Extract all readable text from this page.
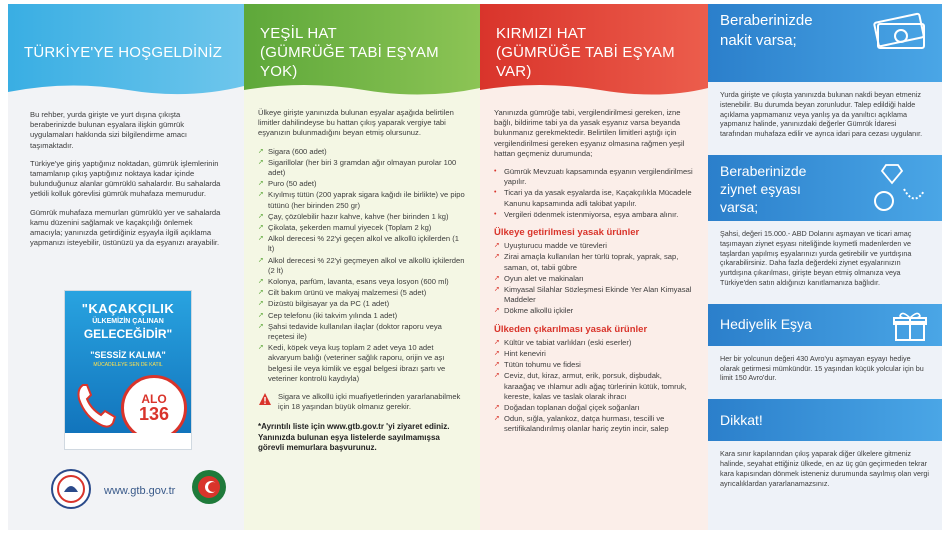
TÜRKİYE'YE HOŞGELDİNİZ

Bu rehber, yurda girişte ve yurt dışına çıkışta beraberinizde bulunan eşyalara ilişkin gümrük uygulamaları hakkında sizi bilgilendirme amacı taşımaktadır.

Türkiye'ye giriş yaptığınız noktadan, gümrük işlemlerinin tamamlanıp çıkış yaptığınız noktaya kadar içinde bulunduğunuz alanlar gümrüklü sahalardır. Bu sahalarda yetkili kolluk görevlisi gümrük muhafaza memurudur.

Gümrük muhafaza memurları gümrüklü yer ve sahalarda kamu düzenini sağlamak ve kaçakçılığı önlemek amacıyla; yanınızda getirdiğiniz eşyayla ilgili açıklama yapmanızı isteyebilir, üstünüzü ya da eşyanızı arayabilir.

"KAÇAKÇILIK
ÜLKEMİZİN ÇALINAN
GELECEĞİDİR"
"SESSİZ KALMA"
MÜCADELEYE SEN DE KATIL
ALO
136
www.gtb.gov.tr
YEŞİL HAT
(GÜMRÜĞE TABİ EŞYAM YOK)

Ülkeye girişte yanınızda bulunan eşyalar aşağıda belirtilen limitler dahilindeyse bu hattan çıkış yaparak vergiye tabi eşyanızın bulunmadığını beyan etmiş olursunuz.

➚ Sigara (600 adet)
➚ Sigarillolar (her biri 3 gramdan ağır olmayan purolar 100 adet)
➚ Puro (50 adet)
➚ Kıyılmış tütün (200 yaprak sigara kağıdı ile birlikte) ve pipo tütünü (her birinden 250 gr)
➚ Çay, çözülebilir hazır kahve, kahve (her birinden 1 kg)
➚ Çikolata, şekerden mamul yiyecek (Toplam 2 kg)
➚ Alkol derecesi % 22'yi geçen alkol ve alkollü içkilerden (1 lt)
➚ Alkol derecesi % 22'yi geçmeyen alkol ve alkollü içkilerden (2 lt)
➚ Kolonya, parfüm, lavanta, esans veya losyon (600 ml)
➚ Cilt bakım ürünü ve makyaj malzemesi (5 adet)
➚ Dizüstü bilgisayar ya da PC (1 adet)
➚ Cep telefonu (iki takvim yılında 1 adet)
➚ Şahsi tedavide kullanılan ilaçlar (doktor raporu veya reçetesi ile)
➚ Kedi, köpek veya kuş toplam 2 adet veya 10 adet akvaryum balığı (veteriner sağlık raporu, orijin ve aşı belgesi ile veya kimlik ve eşgal belgesi ibrazı şartı ve veteriner kontrolü kaydıyla)
Sigara ve alkollü içki muafiyetlerinden yararlanabilmek için 18 yaşından büyük olmanız gerekir.
*Ayrıntılı liste için www.gtb.gov.tr 'yi ziyaret ediniz. Yanınızda bulunan eşya listelerde sayılmamışsa görevli memurlara başvurunuz.
KIRMIZI HAT
(GÜMRÜĞE TABİ EŞYAM VAR)

Yanınızda gümrüğe tabi, vergilendirilmesi gereken, izne bağlı, bildirime tabi ya da yasak eşyanız varsa beyanda bulunmanız gerekmektedir. Belirtilen limitleri aştığı için vergilendirilmesi gereken eşyanız olmasına rağmen yeşil hattan geçmeniz durumunda;

• Gümrük Mevzuatı kapsamında eşyanın vergilendirilmesi yapılır.
• Ticari ya da yasak eşyalarda ise, Kaçakçılıkla Mücadele Kanunu kapsamında adli takibat yapılır.
• Vergileri ödenmek istenmiyorsa, eşya ambara alınır.
Ülkeye getirilmesi yasak ürünler
➚ Uyuşturucu madde ve türevleri
➚ Zirai amaçla kullanılan her türlü toprak, yaprak, sap, saman, ot, tabii gübre
➚ Oyun alet ve makinaları
➚ Kimyasal Silahlar Sözleşmesi Ekinde Yer Alan Kimyasal Maddeler
➚ Dökme alkollü içkiler
Ülkeden çıkarılması yasak ürünler
➚ Kültür ve tabiat varlıkları (eski eserler)
➚ Hint keneviri
➚ Tütün tohumu ve fidesi
➚ Ceviz, dut, kiraz, armut, erik, porsuk, dişbudak, karaağaç ve ıhlamur adlı ağaç türlerinin kütük, tomruk, kereste, kalas ve taslak olarak ihracı
➚ Doğadan toplanan doğal çiçek soğanları
➚ Odun, sığla, yalankoz, datça hurması, tescilli ve sertifikalandırılmış olanlar hariç zeytin incir, salep
Beraberinizde
nakit varsa;

Yurda girişte ve çıkışta yanınızda bulunan nakdi beyan etmeniz istenebilir. Bu durumda beyan zorunludur. Talep edildiği halde açıklama yapmamanız veya yanlış ya da yanıltıcı açıklama yapmanız halinde, yanınızdaki değerler Gümrük İdaresi tarafından muhafaza edilir ve ayrıca idari para cezası uygulanır.

Beraberinizde
ziynet eşyası
varsa;

Şahsi, değeri 15.000.- ABD Dolarını aşmayan ve ticari amaç taşımayan ziynet eşyası niteliğinde kıymetli madenlerden ve taşlardan yapılmış eşyalarınızı yurda getirebilir ve yurtdışına çıkarabilirsiniz. Daha fazla değerdeki ziynet eşyalarınızın yurtdışına çıkarılması, girişte beyan etmiş olmanıza veya Türkiye'den satın aldığınızı kanıtlamanıza bağlıdır.

Hediyelik Eşya

Her bir yolcunun değeri 430 Avro'yu aşmayan eşyayı hediye olarak getirmesi mümkündür. 15 yaşından küçük yolcular için bu limit 150 Avro'dur.

Dikkat!

Kara sınır kapılarından çıkış yaparak diğer ülkelere gitmeniz halinde, seyahat ettiğiniz ülkede, en az üç gün geçirmeden tekrar kara kapısından dönmek isteneniz durumunda sayılmış olan vergi ayrıcalıklardan yararlanamazsınız.
